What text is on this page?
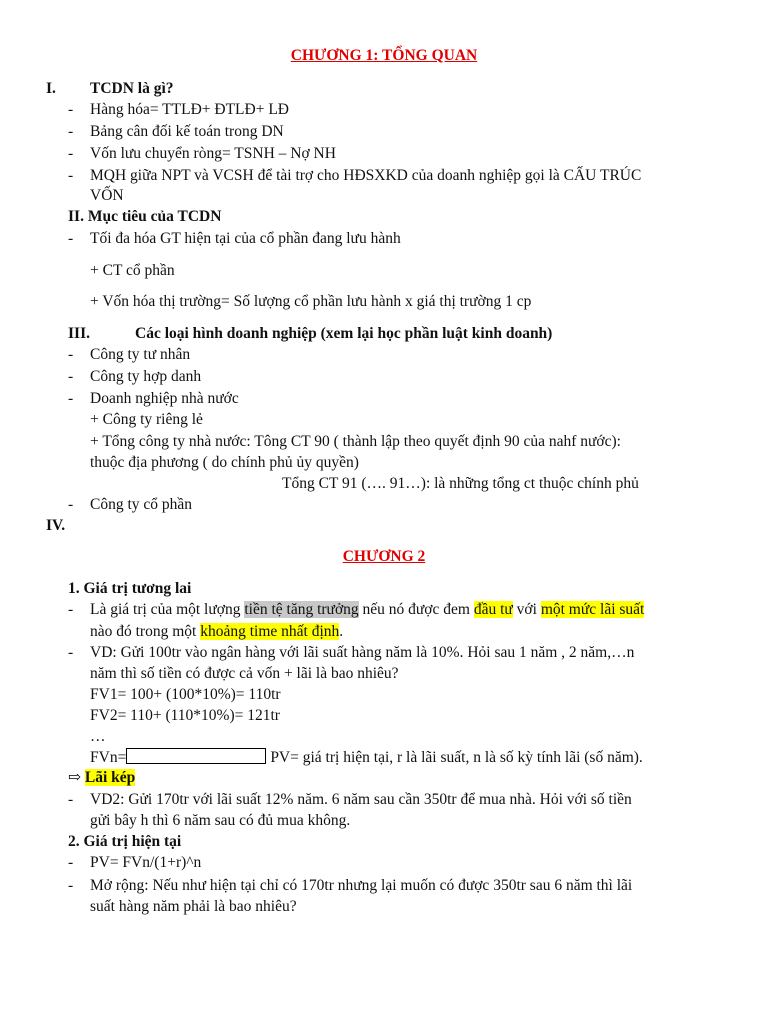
CHƯƠNG 1: TỔNG QUAN
I. TCDN là gì?
- Hàng hóa= TTLĐ+ ĐTLĐ+ LĐ
- Bảng cân đối kế toán trong DN
- Vốn lưu chuyển ròng= TSNH – Nợ NH
- MQH giữa NPT và VCSH để tài trợ cho HĐSXKD của doanh nghiệp gọi là CẤU TRÚC
VỐN
II. Mục tiêu của TCDN
- Tối đa hóa GT hiện tại của cổ phần đang lưu hành
+ CT cổ phần
+ Vốn hóa thị trường= Số lượng cổ phần lưu hành x giá thị trường 1 cp
III.	Các loại hình doanh nghiệp (xem lại học phần luật kinh doanh)
- Công ty tư nhân
- Công ty hợp danh
- Doanh nghiệp nhà nước
+ Công ty riêng lẻ
+ Tổng công ty nhà nước: Tông CT 90 ( thành lập theo quyết định 90 của nahf nước):
thuộc địa phương ( do chính phủ ủy quyền)
Tổng CT 91 (…. 91…): là những tổng ct thuộc chính phủ
- Công ty cổ phần
IV.
CHƯƠNG 2
1. Giá trị tương lai
- Là giá trị của một lượng tiền tệ tăng trưởng nếu nó được đem đầu tư với một mức lãi suất
nào đó trong một khoảng time nhất định.
- VD: Gửi 100tr vào ngân hàng với lãi suất hàng năm là 10%. Hỏi sau 1 năm , 2 năm,…n
năm thì số tiền có được cả vốn + lãi là bao nhiêu?
FV1= 100+ (100*10%)= 110tr
FV2= 110+ (110*10%)= 121tr
…
FVn=	PV= giá trị hiện tại, r là lãi suất, n là số kỳ tính lãi (số năm).
⇨ Lãi kép
- VD2: Gửi 170tr với lãi suất 12% năm. 6 năm sau cần 350tr để mua nhà. Hỏi với số tiền
gửi bây h thì 6 năm sau có đủ mua không.
2. Giá trị hiện tại
- PV= FVn/(1+r)^n
- Mở rộng: Nếu như hiện tại chỉ có 170tr nhưng lại muốn có được 350tr sau 6 năm thì lãi
suất hàng năm phải là bao nhiêu?
